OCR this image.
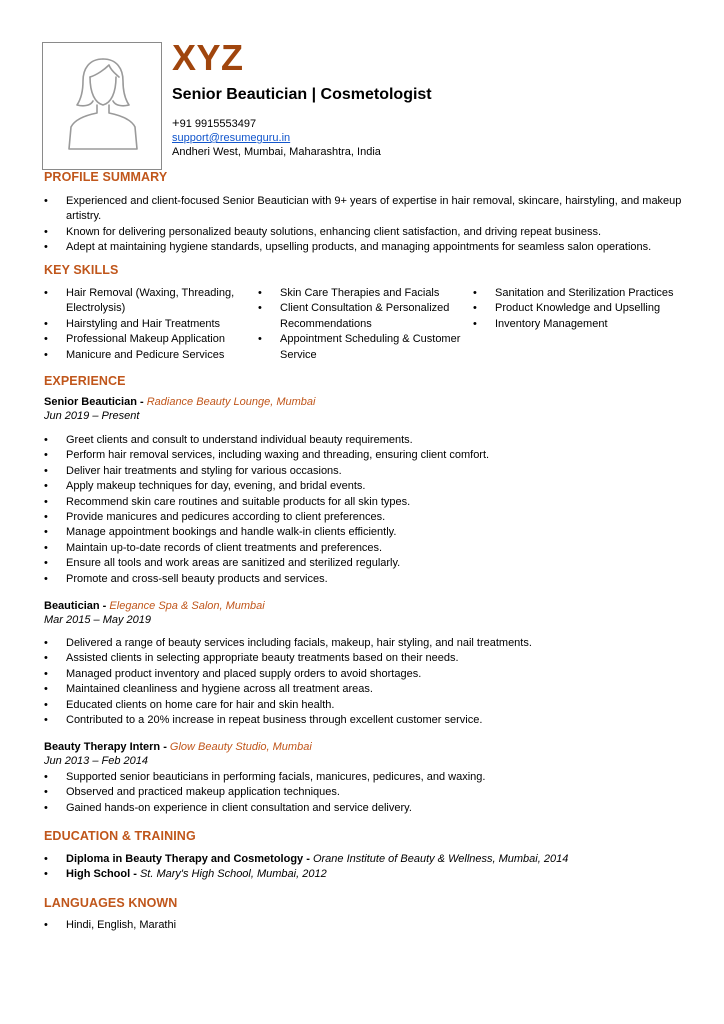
XYZ
Senior Beautician | Cosmetologist
+91 9915553497
support@resumeguru.in
Andheri West, Mumbai, Maharashtra, India
PROFILE SUMMARY
• Experienced and client-focused Senior Beautician with 9+ years of expertise in hair removal, skincare, hairstyling, and makeup artistry.
• Known for delivering personalized beauty solutions, enhancing client satisfaction, and driving repeat business.
• Adept at maintaining hygiene standards, upselling products, and managing appointments for seamless salon operations.
KEY SKILLS
• Hair Removal (Waxing, Threading, Electrolysis)
• Hairstyling and Hair Treatments
• Professional Makeup Application
• Manicure and Pedicure Services
• Skin Care Therapies and Facials
• Client Consultation & Personalized Recommendations
• Appointment Scheduling & Customer Service
• Sanitation and Sterilization Practices
• Product Knowledge and Upselling
• Inventory Management
EXPERIENCE
Senior Beautician - Radiance Beauty Lounge, Mumbai
Jun 2019 – Present
• Greet clients and consult to understand individual beauty requirements.
• Perform hair removal services, including waxing and threading, ensuring client comfort.
• Deliver hair treatments and styling for various occasions.
• Apply makeup techniques for day, evening, and bridal events.
• Recommend skin care routines and suitable products for all skin types.
• Provide manicures and pedicures according to client preferences.
• Manage appointment bookings and handle walk-in clients efficiently.
• Maintain up-to-date records of client treatments and preferences.
• Ensure all tools and work areas are sanitized and sterilized regularly.
• Promote and cross-sell beauty products and services.
Beautician - Elegance Spa & Salon, Mumbai
Mar 2015 – May 2019
• Delivered a range of beauty services including facials, makeup, hair styling, and nail treatments.
• Assisted clients in selecting appropriate beauty treatments based on their needs.
• Managed product inventory and placed supply orders to avoid shortages.
• Maintained cleanliness and hygiene across all treatment areas.
• Educated clients on home care for hair and skin health.
• Contributed to a 20% increase in repeat business through excellent customer service.
Beauty Therapy Intern - Glow Beauty Studio, Mumbai
Jun 2013 – Feb 2014
• Supported senior beauticians in performing facials, manicures, pedicures, and waxing.
• Observed and practiced makeup application techniques.
• Gained hands-on experience in client consultation and service delivery.
EDUCATION & TRAINING
• Diploma in Beauty Therapy and Cosmetology - Orane Institute of Beauty & Wellness, Mumbai, 2014
• High School - St. Mary's High School, Mumbai, 2012
LANGUAGES KNOWN
• Hindi, English, Marathi
